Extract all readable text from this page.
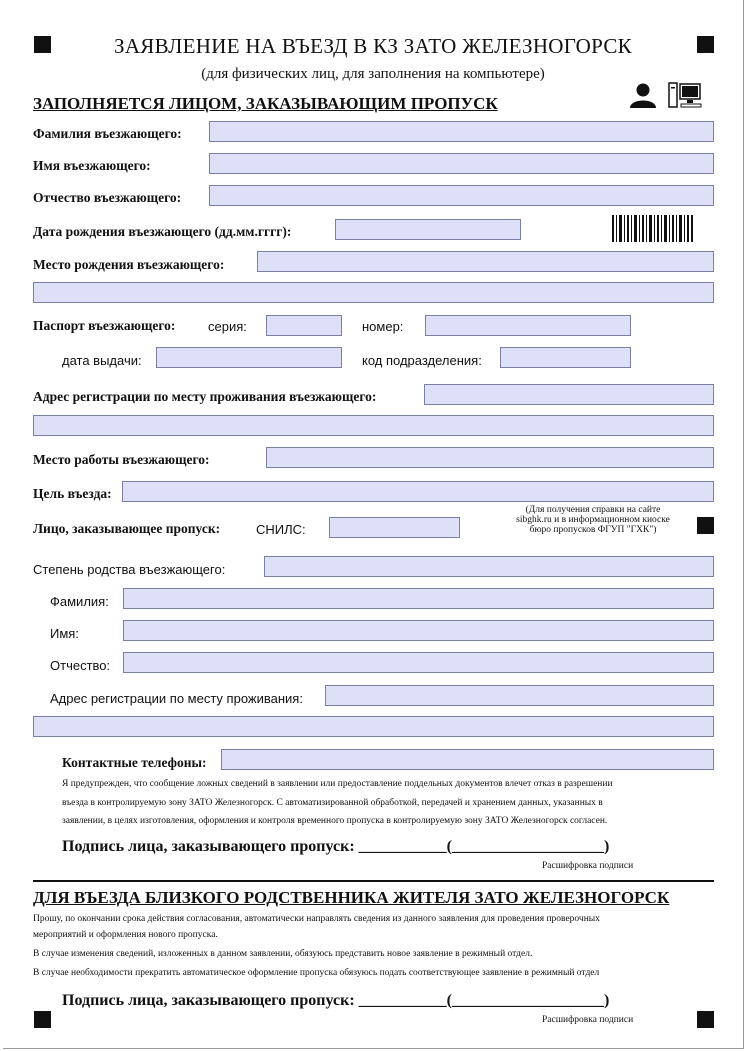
ЗАЯВЛЕНИЕ НА ВЪЕЗД В КЗ ЗАТО ЖЕЛЕЗНОГОРСК
(для физических лиц, для заполнения на компьютере)
ЗАПОЛНЯЕТСЯ ЛИЦОМ, ЗАКАЗЫВАЮЩИМ ПРОПУСК
Фамилия въезжающего:
Имя въезжающего:
Отчество въезжающего:
Дата рождения въезжающего (дд.мм.гггг):
Место рождения въезжающего:
Паспорт въезжающего:	серия:	номер:
дата выдачи:	код подразделения:
Адрес регистрации по месту проживания въезжающего:
Место работы въезжающего:
Цель въезда:
Лицо, заказывающее пропуск:	СНИЛС:
(Для получения справки на сайте
sibghk.ru и в информационном киоске
бюро пропусков ФГУП "ГХК")
Степень родства въезжающего:
Фамилия:
Имя:
Отчество:
Адрес регистрации по месту проживания:
Контактные телефоны:
Я предупрежден, что сообщение ложных сведений в заявлении или предоставление поддельных документов влечет отказ в разрешении
въезда в контролируемую зону ЗАТО Железногорск. С автоматизированной обработкой, передачей и хранением данных, указанных в
заявлении, в целях изготовления, оформления и контроля временного пропуска в контролируемую зону ЗАТО Железногорск согласен.
Подпись лица, заказывающего пропуск: ___________(___________________)
Расшифровка подписи
ДЛЯ ВЪЕЗДА БЛИЗКОГО РОДСТВЕННИКА ЖИТЕЛЯ ЗАТО ЖЕЛЕЗНОГОРСК
Прошу, по окончании срока действия согласования, автоматически направлять сведения из данного заявления для проведения проверочных
мероприятий и оформления нового пропуска.
В случае изменения сведений, изложенных в данном заявлении, обязуюсь представить новое заявление в режимный отдел.
В случае необходимости прекратить автоматическое оформление пропуска обязуюсь подать соответствующее заявление в режимный отдел
Подпись лица, заказывающего пропуск: ___________(___________________)
Расшифровка подписи
